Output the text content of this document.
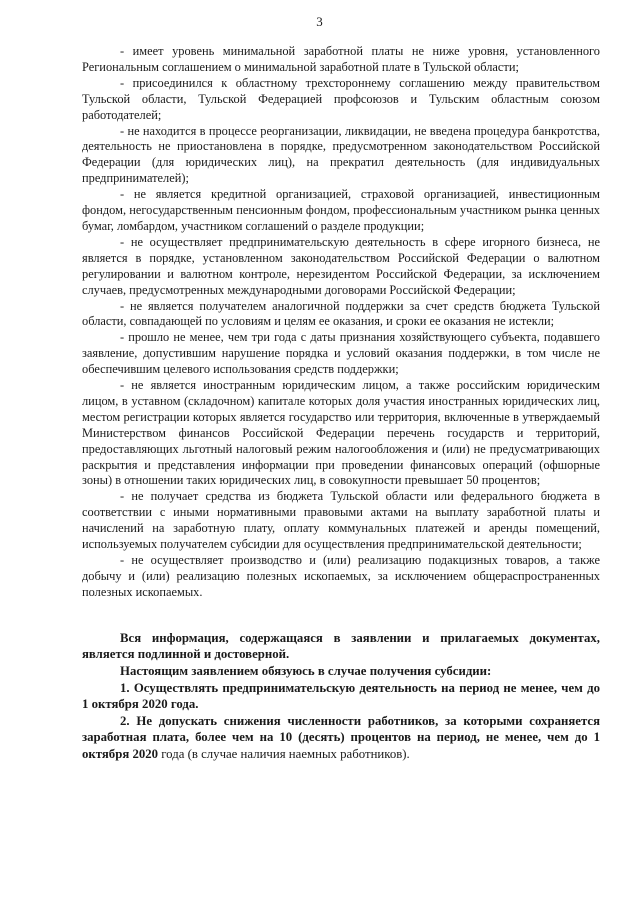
3

- имеет уровень минимальной заработной платы не ниже уровня, установленного Региональным соглашением о минимальной заработной плате в Тульской области;

- присоединился к областному трехстороннему соглашению между правительством Тульской области, Тульской Федерацией профсоюзов и Тульским областным союзом работодателей;

- не находится в процессе реорганизации, ликвидации, не введена процедура банкротства, деятельность не приостановлена в порядке, предусмотренном законодательством Российской Федерации (для юридических лиц), на прекратил деятельность (для индивидуальных предпринимателей);

- не является кредитной организацией, страховой организацией, инвестиционным фондом, негосударственным пенсионным фондом, профессиональным участником рынка ценных бумаг, ломбардом, участником соглашений о разделе продукции;

- не осуществляет предпринимательскую деятельность в сфере игорного бизнеса, не является в порядке, установленном законодательством Российской Федерации о валютном регулировании и валютном контроле, нерезидентом Российской Федерации, за исключением случаев, предусмотренных международными договорами Российской Федерации;

- не является получателем аналогичной поддержки за счет средств бюджета Тульской области, совпадающей по условиям и целям ее оказания, и сроки ее оказания не истекли;

- прошло не менее, чем три года с даты признания хозяйствующего субъекта, подавшего заявление, допустившим нарушение порядка и условий оказания поддержки, в том числе не обеспечившим целевого использования средств поддержки;

- не является иностранным юридическим лицом, а также российским юридическим лицом, в уставном (складочном) капитале которых доля участия иностранных юридических лиц, местом регистрации которых является государство или территория, включенные в утверждаемый Министерством финансов Российской Федерации перечень государств и территорий, предоставляющих льготный налоговый режим налогообложения и (или) не предусматривающих раскрытия и представления информации при проведении финансовых операций (офшорные зоны) в отношении таких юридических лиц, в совокупности превышает 50 процентов;

- не получает средства из бюджета Тульской области или федерального бюджета в соответствии с иными нормативными правовыми актами на выплату заработной платы и начислений на заработную плату, оплату коммунальных платежей и аренды помещений, используемых получателем субсидии для осуществления предпринимательской деятельности;

- не осуществляет производство и (или) реализацию подакцизных товаров, а также добычу и (или) реализацию полезных ископаемых, за исключением общераспространенных полезных ископаемых.

Вся информация, содержащаяся в заявлении и прилагаемых документах, является подлинной и достоверной.

Настоящим заявлением обязуюсь в случае получения субсидии:

1. Осуществлять предпринимательскую деятельность на период не менее, чем до 1 октября 2020 года.

2. Не допускать снижения численности работников, за которыми сохраняется заработная плата, более чем на 10 (десять) процентов на период, не менее, чем до 1 октября 2020 года (в случае наличия наемных работников).
